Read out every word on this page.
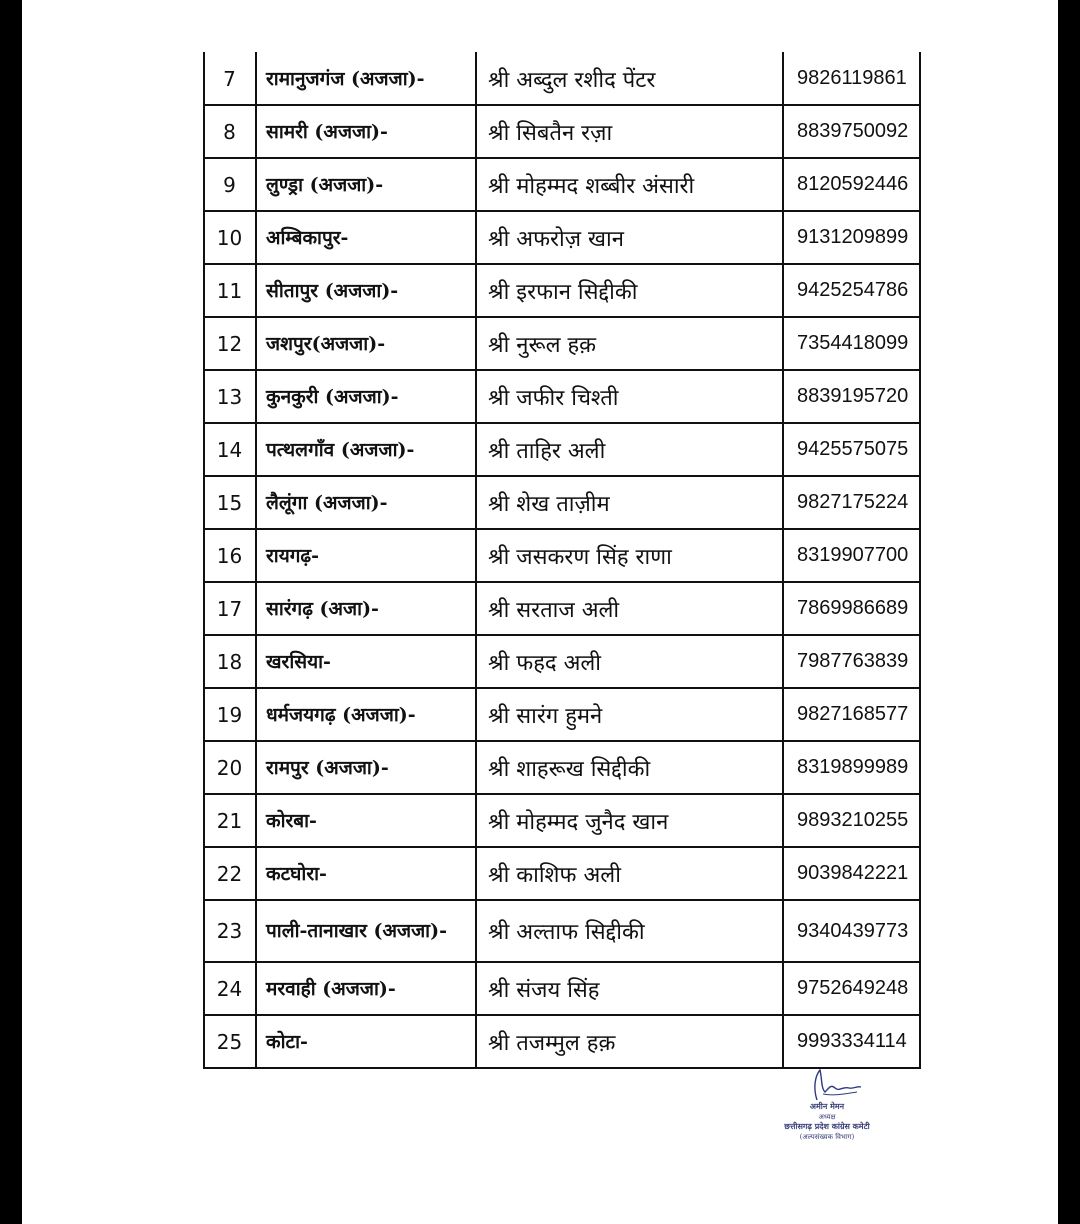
7	रामानुजगंज (अजजा)-	श्री अब्दुल रशीद पेंटर	9826119861
8	सामरी (अजजा)-	श्री सिबतैन रज़ा	8839750092
9	लुण्ड्रा (अजजा)-	श्री मोहम्मद शब्बीर अंसारी	8120592446
10	अम्बिकापुर-	श्री अफरोज़ खान	9131209899
11	सीतापुर (अजजा)-	श्री इरफान सिद्दीकी	9425254786
12	जशपुर(अजजा)-	श्री नुरूल हक़	7354418099
13	कुनकुरी (अजजा)-	श्री जफीर चिश्ती	8839195720
14	पत्थलगाँव (अजजा)-	श्री ताहिर अली	9425575075
15	लैलूंगा (अजजा)-	श्री शेख ताज़ीम	9827175224
16	रायगढ़-	श्री जसकरण सिंह राणा	8319907700
17	सारंगढ़ (अजा)-	श्री सरताज अली	7869986689
18	खरसिया-	श्री फहद अली	7987763839
19	धर्मजयगढ़ (अजजा)-	श्री सारंग हुमने	9827168577
20	रामपुर (अजजा)-	श्री शाहरूख सिद्दीकी	8319899989
21	कोरबा-	श्री मोहम्मद जुनैद खान	9893210255
22	कटघोरा-	श्री काशिफ अली	9039842221
23	पाली-तानाखार (अजजा)-	श्री अल्ताफ सिद्दीकी	9340439773
24	मरवाही (अजजा)-	श्री संजय सिंह	9752649248
25	कोटा-	श्री तजम्मुल हक़	9993334114
अमीन मेमन
अध्यक्ष
छत्तीसगढ़ प्रदेश कांग्रेस कमेटी
(अल्पसंख्यक विभाग)
